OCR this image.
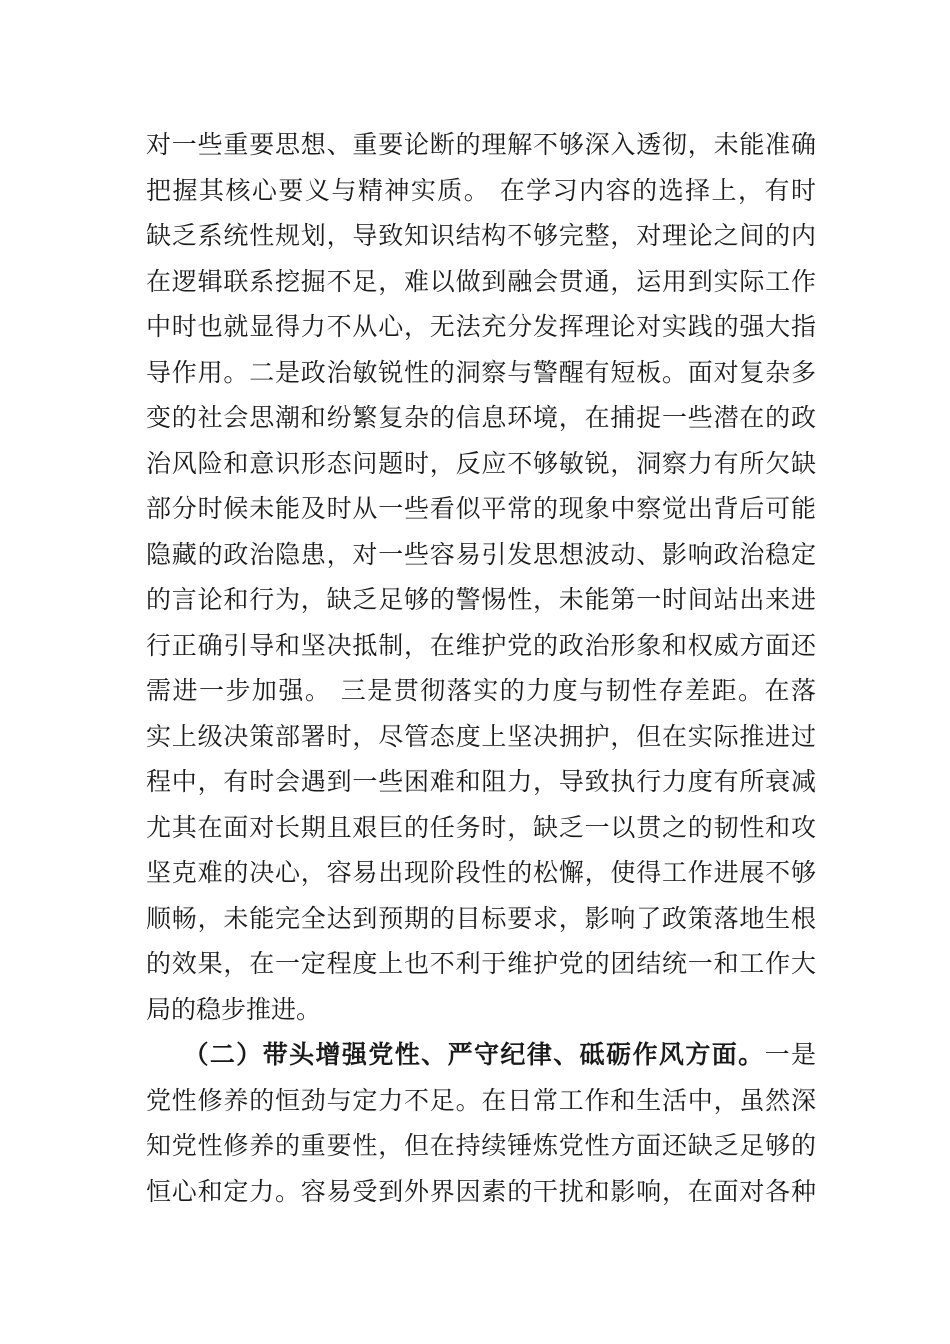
对一些重要思想、重要论断的理解不够深入透彻，未能准确
把握其核心要义与精神实质。 在学习内容的选择上，有时
缺乏系统性规划，导致知识结构不够完整，对理论之间的内
在逻辑联系挖掘不足，难以做到融会贯通，运用到实际工作
中时也就显得力不从心，无法充分发挥理论对实践的强大指
导作用。二是政治敏锐性的洞察与警醒有短板。面对复杂多
变的社会思潮和纷繁复杂的信息环境，在捕捉一些潜在的政
治风险和意识形态问题时，反应不够敏锐，洞察力有所欠缺
部分时候未能及时从一些看似平常的现象中察觉出背后可能
隐藏的政治隐患，对一些容易引发思想波动、影响政治稳定
的言论和行为，缺乏足够的警惕性，未能第一时间站出来进
行正确引导和坚决抵制，在维护党的政治形象和权威方面还
需进一步加强。 三是贯彻落实的力度与韧性存差距。在落
实上级决策部署时，尽管态度上坚决拥护，但在实际推进过
程中，有时会遇到一些困难和阻力，导致执行力度有所衰减
尤其在面对长期且艰巨的任务时，缺乏一以贯之的韧性和攻
坚克难的决心，容易出现阶段性的松懈，使得工作进展不够
顺畅，未能完全达到预期的目标要求，影响了政策落地生根
的效果，在一定程度上也不利于维护党的团结统一和工作大
局的稳步推进。
（二）带头增强党性、严守纪律、砥砺作风方面。一是
党性修养的恒劲与定力不足。在日常工作和生活中，虽然深
知党性修养的重要性，但在持续锤炼党性方面还缺乏足够的
恒心和定力。容易受到外界因素的干扰和影响，在面对各种
